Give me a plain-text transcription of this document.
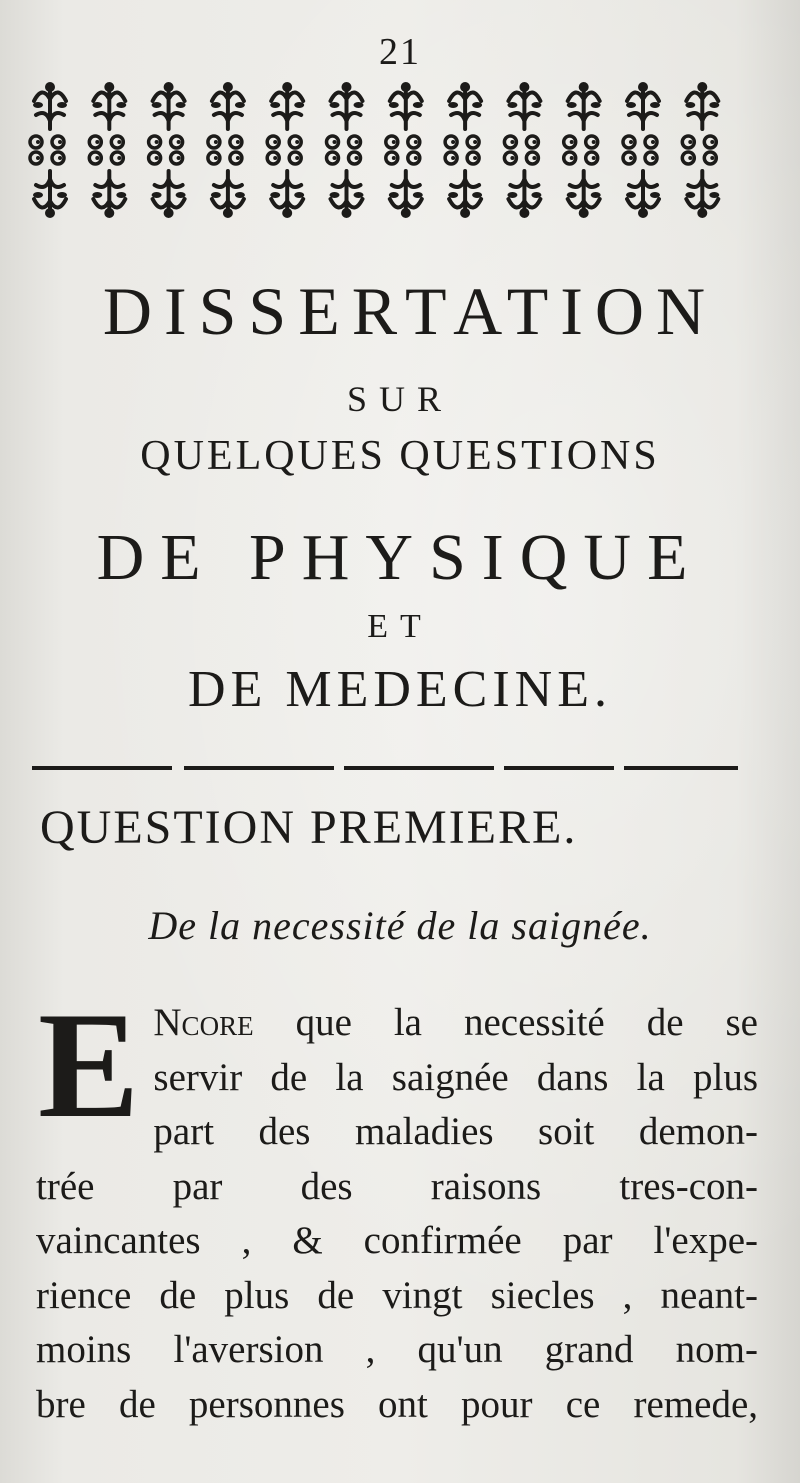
21
DISSERTATION
SUR
QUELQUES QUESTIONS
DE PHYSIQUE
ET
DE MEDECINE.
QUESTION PREMIERE.
De la necessité de la saignée.
E Ncore que la necessité de se
servir de la saignée dans la plus
part des maladies soit demon-
trée par des raisons tres-con-
vaincantes , & confirmée par l'expe-
rience de plus de vingt siecles , neant-
moins l'aversion , qu'un grand nom-
bre de personnes ont pour ce remede,
